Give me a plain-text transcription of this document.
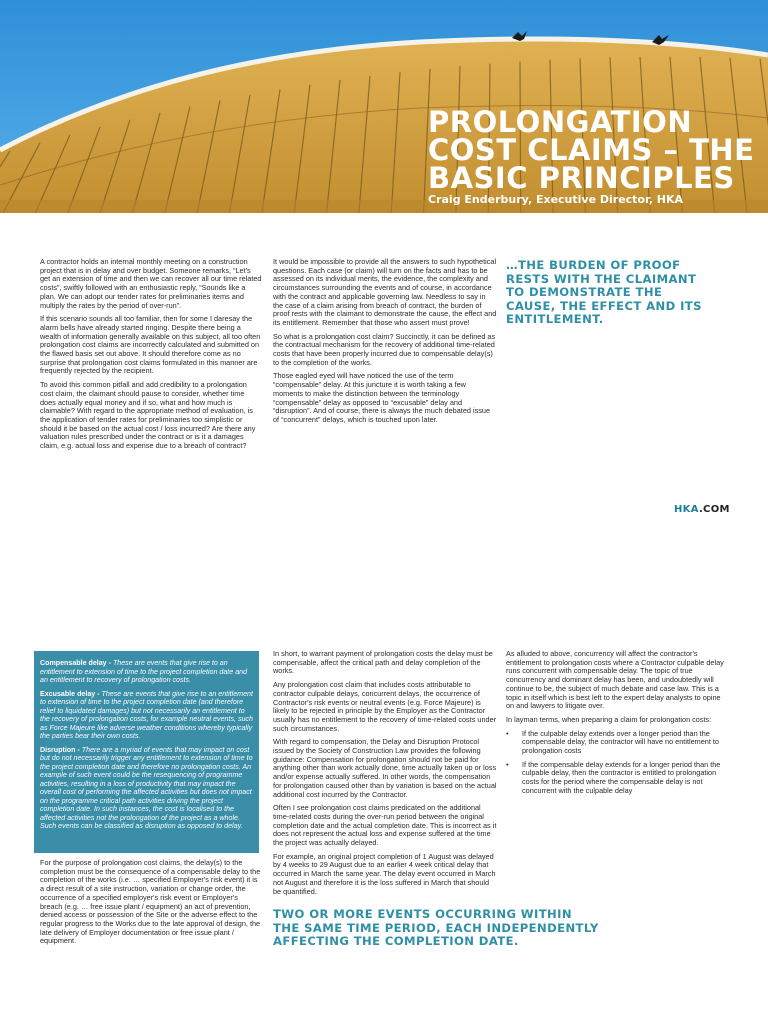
PROLONGATION COST CLAIMS – THE BASIC PRINCIPLES
Craig Enderbury, Executive Director, HKA

A contractor holds an internal monthly meeting on a construction project that is in delay and over budget. Someone remarks, “Let's get an extension of time and then we can recover all our time related costs”, swiftly followed with an enthusiastic reply, “Sounds like a plan. We can adopt our tender rates for preliminaries items and multiply the rates by the period of over-run”.

If this scenario sounds all too familiar, then for some I daresay the alarm bells have already started ringing. Despite there being a wealth of information generally available on this subject, all too often prolongation cost claims are incorrectly calculated and submitted on the flawed basis set out above. It should therefore come as no surprise that prolongation cost claims formulated in this manner are frequently rejected by the recipient.

To avoid this common pitfall and add credibility to a prolongation cost claim, the claimant should pause to consider, whether time does actually equal money and if so, what and how much is claimable? With regard to the appropriate method of evaluation, is the application of tender rates for preliminaries too simplistic or should it be based on the actual cost / loss incurred? Are there any valuation rules prescribed under the contract or is it a damages claim, e.g. actual loss and expense due to a breach of contract?

It would be impossible to provide all the answers to such hypothetical questions. Each case (or claim) will turn on the facts and has to be assessed on its individual merits, the evidence, the complexity and circumstances surrounding the events and of course, in accordance with the contract and applicable governing law. Needless to say in the case of a claim arising from breach of contract, the burden of proof rests with the claimant to demonstrate the cause, the effect and its entitlement. Remember that those who assert must prove!

So what is a prolongation cost claim? Succinctly, it can be defined as the contractual mechanism for the recovery of additional time-related costs that have been properly incurred due to compensable delay(s) to the completion of the works.

Those eagled eyed will have noticed the use of the term “compensable” delay. At this juncture it is worth taking a few moments to make the distinction between the terminology “compensable” delay as opposed to “excusable” delay and “disruption”. And of course, there is always the much debated issue of “concurrent” delays, which is touched upon later.

…THE BURDEN OF PROOF RESTS WITH THE CLAIMANT TO DEMONSTRATE THE CAUSE, THE EFFECT AND ITS ENTITLEMENT.
HKA.COM

Compensable delay - These are events that give rise to an entitlement to extension of time to the project completion date and an entitlement to recovery of prolongation costs.

Excusable delay - These are events that give rise to an entitlement to extension of time to the project completion date (and therefore relief to liquidated damages) but not necessarily an entitlement to the recovery of prolongation costs, for example neutral events, such as Force Majeure like adverse weather conditions whereby typically the parties bear their own costs.

Disruption - There are a myriad of events that may impact on cost but do not necessarily trigger any entitlement to extension of time to the project completion date and therefore no prolongation costs. An example of such event could be the resequencing of programme activities, resulting in a loss of productivity that may impact the overall cost of performing the affected activities but does not impact on the programme critical path activities driving the project completion date. In such instances, the cost is localised to the affected activities not the prolongation of the project as a whole. Such events can be classified as disruption as opposed to delay.

For the purpose of prolongation cost claims, the delay(s) to the completion must be the consequence of a compensable delay to the completion of the works (i.e. … specified Employer's risk event) it is a direct result of a site instruction, variation or change order, the occurrence of a specified employer's risk event or Employer's breach (e.g. … free issue plant / equipment) an act of prevention, denied access or possession of the Site or the adverse effect to the regular progress to the Works due to the late approval of design, the late delivery of Employer documentation or free issue plant / equipment.

In short, to warrant payment of prolongation costs the delay must be compensable, affect the critical path and delay completion of the works.

Any prolongation cost claim that includes costs attributable to contractor culpable delays, concurrent delays, the occurrence of Contractor's risk events or neutral events (e.g. Force Majeure) is likely to be rejected in principle by the Employer as the Contractor usually has no entitlement to the recovery of time-related costs under such circumstances.

With regard to compensation, the Delay and Disruption Protocol issued by the Society of Construction Law provides the following guidance: Compensation for prolongation should not be paid for anything other than work actually done, time actually taken up or loss and/or expense actually suffered. In other words, the compensation for prolongation caused other than by variation is based on the actual additional cost incurred by the Contractor.

Often I see prolongation cost claims predicated on the additional time-related costs during the over-run period between the original completion date and the actual completion date. This is incorrect as it does not represent the actual loss and expense suffered at the time the project was actually delayed.

For example, an original project completion of 1 August was delayed by 4 weeks to 29 August due to an earlier 4 week critical delay that occurred in March the same year. The delay event occurred in March not August and therefore it is the loss suffered in March that should be quantified.

TWO OR MORE EVENTS OCCURRING WITHIN THE SAME TIME PERIOD, EACH INDEPENDENTLY AFFECTING THE COMPLETION DATE.

As alluded to above, concurrency will affect the contractor's entitlement to prolongation costs where a Contractor culpable delay runs concurrent with compensable delay. The topic of true concurrency and dominant delay has been, and undoubtedly will continue to be, the subject of much debate and case law. This is a topic in itself which is best left to the expert delay analysts to opine on and lawyers to litigate over.

In layman terms, when preparing a claim for prolongation costs:

• If the culpable delay extends over a longer period than the compensable delay, the contractor will have no entitlement to prolongation costs
• If the compensable delay extends for a longer period than the culpable delay, then the contractor is entitled to prolongation costs for the period where the compensable delay is not concurrent with the culpable delay
